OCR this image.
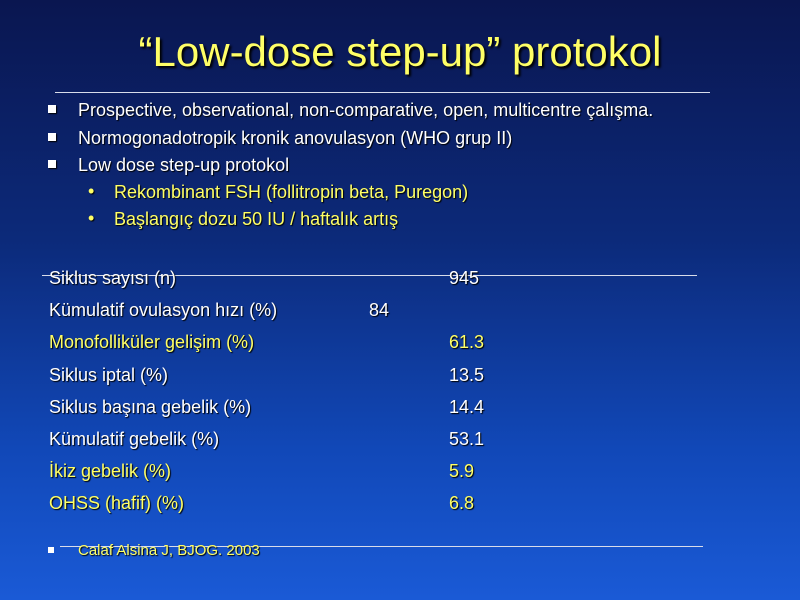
“Low-dose step-up” protokol
Prospective, observational, non-comparative, open, multicentre çalışma.
Normogonadotropik kronik anovulasyon (WHO grup II)
Low dose step-up protokol
• Rekombinant FSH (follitropin beta, Puregon)
• Başlangıç dozu 50 IU / haftalık artış
Siklus sayısı (n)	945
Kümulatif ovulasyon hızı (%)	84
Monofolliküler gelişim (%)	61.3
Siklus iptal (%)	13.5
Siklus başına gebelik (%)	14.4
Kümulatif gebelik (%)	53.1
İkiz gebelik (%)	5.9
OHSS (hafif) (%)	6.8
Calaf Alsina J, BJOG. 2003
